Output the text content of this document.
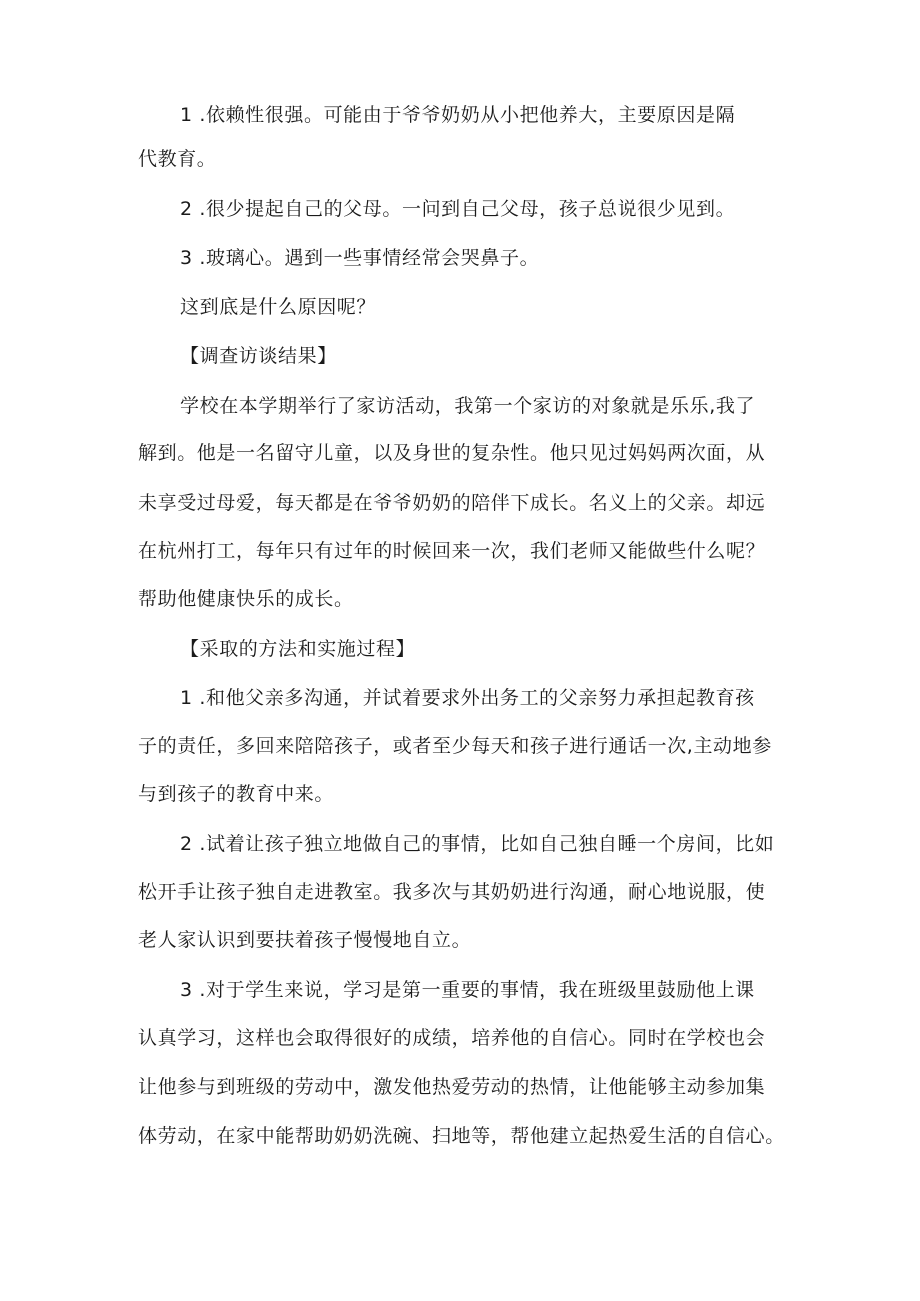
1 .依赖性很强。可能由于爷爷奶奶从小把他养大，主要原因是隔
代教育。
2 .很少提起自己的父母。一问到自己父母，孩子总说很少见到。
3 .玻璃心。遇到一些事情经常会哭鼻子。
这到底是什么原因呢？
【调查访谈结果】
学校在本学期举行了家访活动，我第一个家访的对象就是乐乐,我了
解到。他是一名留守儿童，以及身世的复杂性。他只见过妈妈两次面，从
未享受过母爱，每天都是在爷爷奶奶的陪伴下成长。名义上的父亲。却远
在杭州打工，每年只有过年的时候回来一次，我们老师又能做些什么呢？
帮助他健康快乐的成长。
【采取的方法和实施过程】
1 .和他父亲多沟通，并试着要求外出务工的父亲努力承担起教育孩
子的责任，多回来陪陪孩子，或者至少每天和孩子进行通话一次,主动地参
与到孩子的教育中来。
2 .试着让孩子独立地做自己的事情，比如自己独自睡一个房间，比如
松开手让孩子独自走进教室。我多次与其奶奶进行沟通，耐心地说服，使
老人家认识到要扶着孩子慢慢地自立。
3 .对于学生来说，学习是第一重要的事情，我在班级里鼓励他上课
认真学习，这样也会取得很好的成绩，培养他的自信心。同时在学校也会
让他参与到班级的劳动中，激发他热爱劳动的热情，让他能够主动参加集
体劳动，在家中能帮助奶奶洗碗、扫地等，帮他建立起热爱生活的自信心。
